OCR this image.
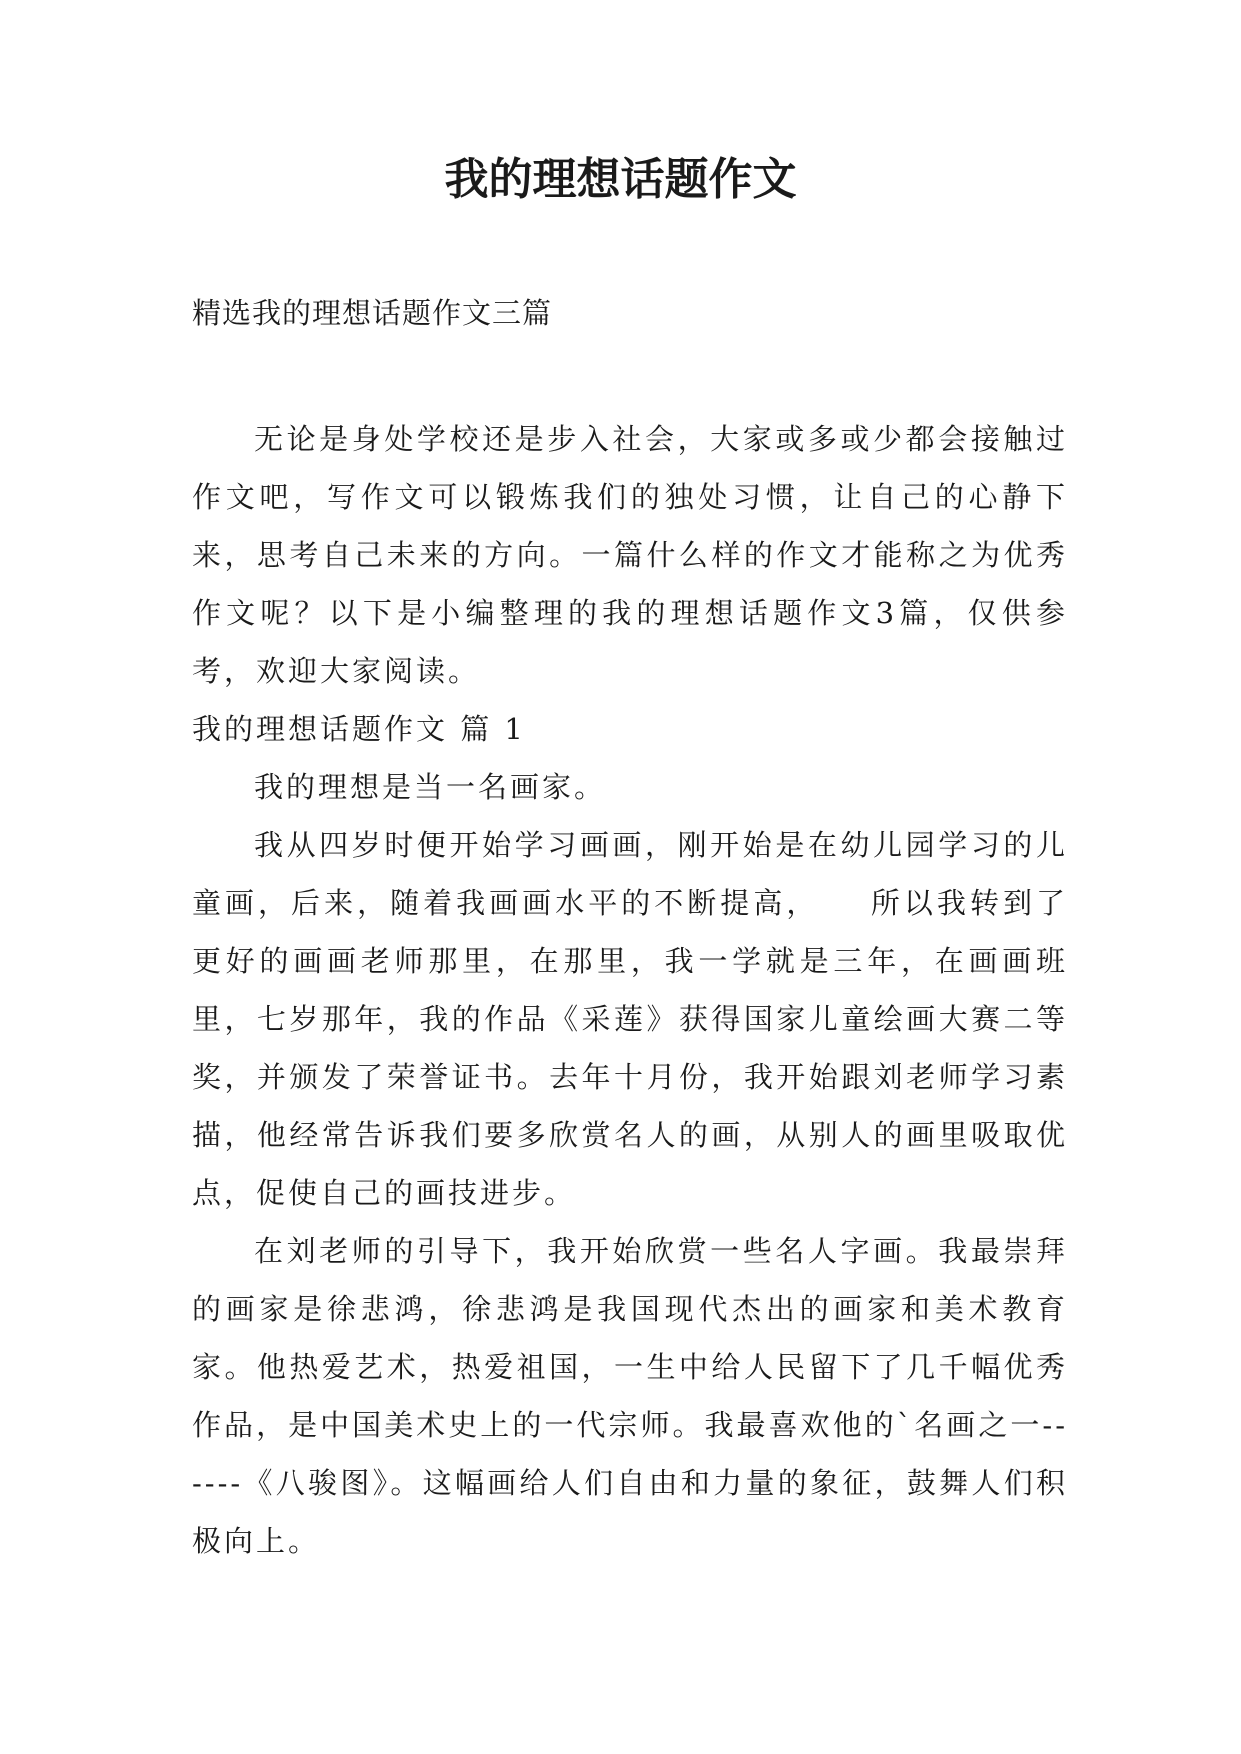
我的理想话题作文

精选我的理想话题作文三篇

无论是身处学校还是步入社会，大家或多或少都会接触过作文吧，写作文可以锻炼我们的独处习惯，让自己的心静下来，思考自己未来的方向。一篇什么样的作文才能称之为优秀作文呢？以下是小编整理的我的理想话题作文3篇，仅供参考，欢迎大家阅读。

我的理想话题作文 篇 1

我的理想是当一名画家。

我从四岁时便开始学习画画，刚开始是在幼儿园学习的儿童画，后来，随着我画画水平的不断提高，　　所以我转到了更好的画画老师那里，在那里，我一学就是三年，在画画班里，七岁那年，我的作品《采莲》获得国家儿童绘画大赛二等奖，并颁发了荣誉证书。去年十月份，我开始跟刘老师学习素描，他经常告诉我们要多欣赏名人的画，从别人的画里吸取优点，促使自己的画技进步。

在刘老师的引导下，我开始欣赏一些名人字画。我最崇拜的画家是徐悲鸿，徐悲鸿是我国现代杰出的画家和美术教育家。他热爱艺术，热爱祖国，一生中给人民留下了几千幅优秀作品，是中国美术史上的一代宗师。我最喜欢他的`名画之一------《八骏图》。这幅画给人们自由和力量的象征，鼓舞人们积极向上。
